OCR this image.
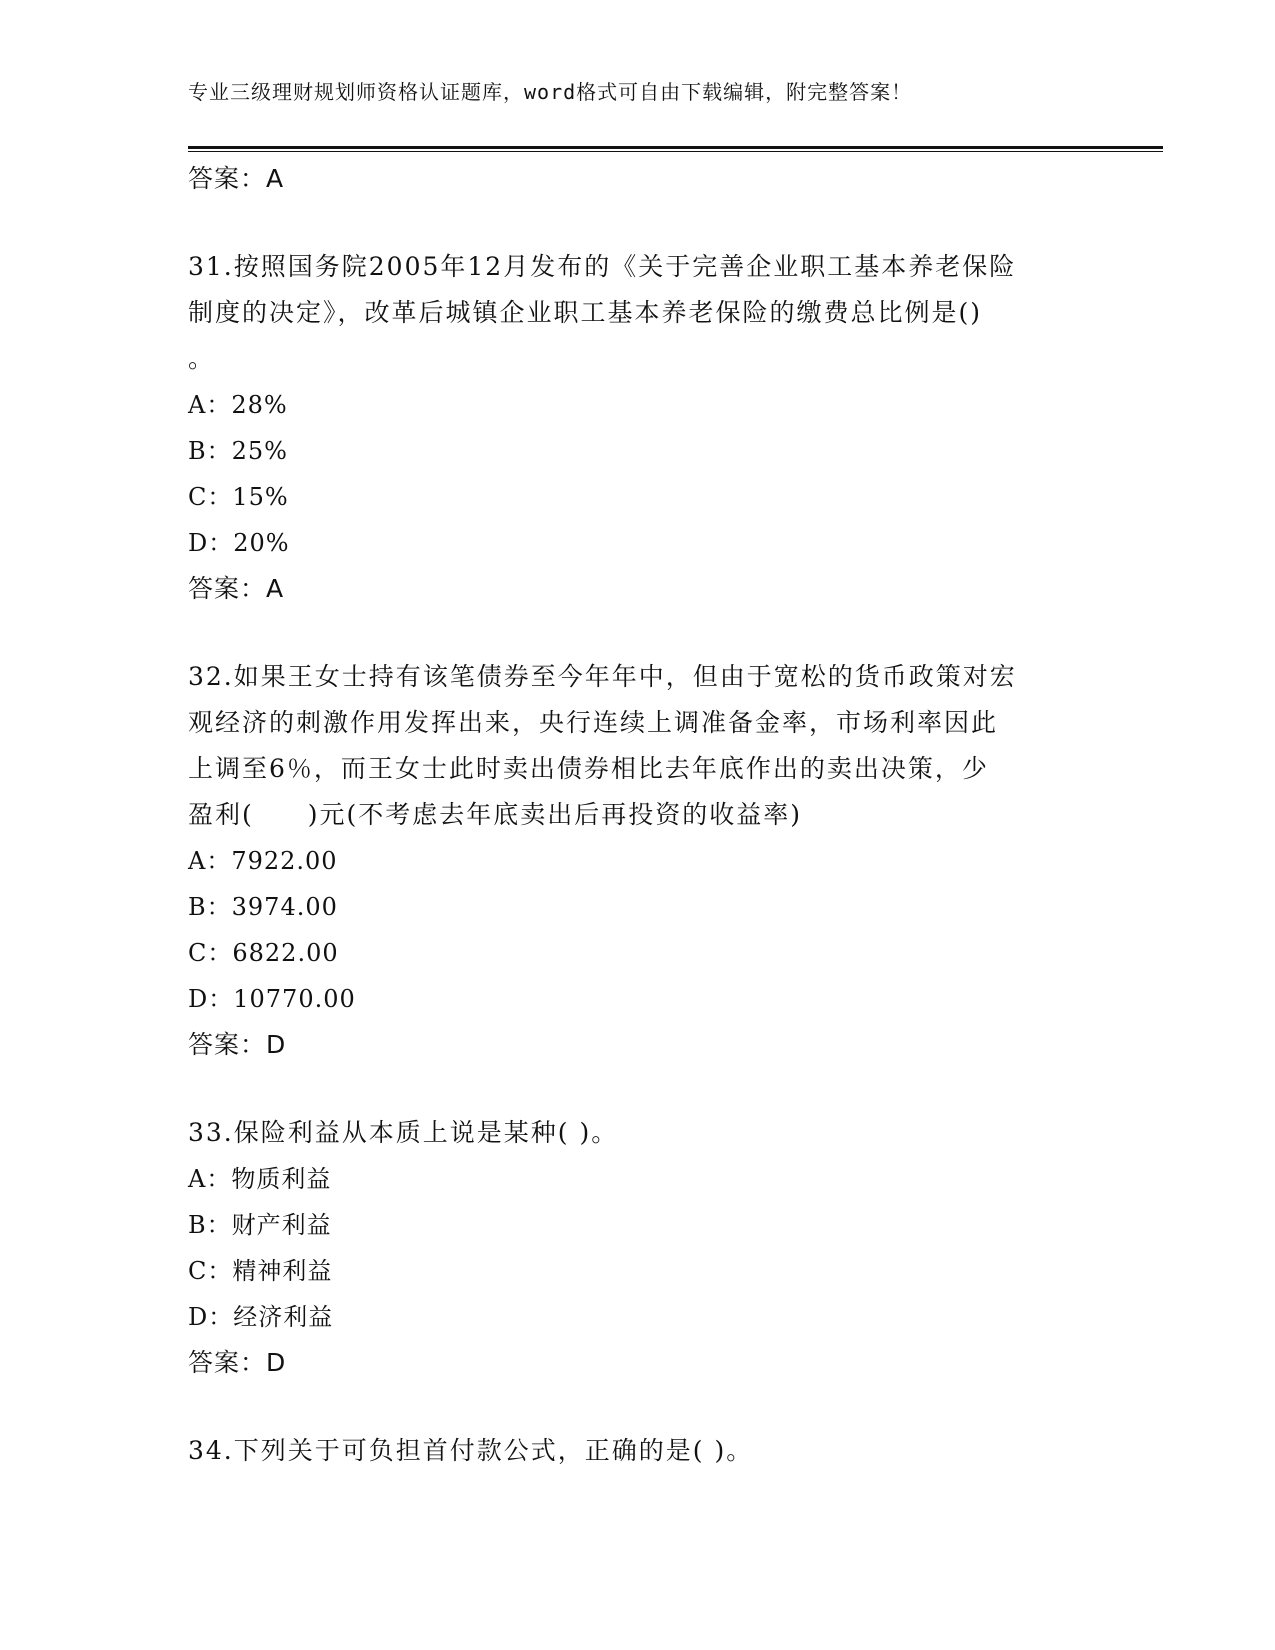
专业三级理财规划师资格认证题库，word格式可自由下载编辑，附完整答案！
答案：A
31.按照国务院2005年12月发布的《关于完善企业职工基本养老保险
制度的决定》，改革后城镇企业职工基本养老保险的缴费总比例是()
。
A：28%
B：25%
C：15%
D：20%
答案：A
32.如果王女士持有该笔债券至今年年中，但由于宽松的货币政策对宏
观经济的刺激作用发挥出来，央行连续上调准备金率，市场利率因此
上调至6％，而王女士此时卖出债券相比去年底作出的卖出决策，少
盈利(　　)元(不考虑去年底卖出后再投资的收益率)
A：7922.00
B：3974.00
C：6822.00
D：10770.00
答案：D
33.保险利益从本质上说是某种( )。
A：物质利益
B：财产利益
C：精神利益
D：经济利益
答案：D
34.下列关于可负担首付款公式，正确的是( )。
